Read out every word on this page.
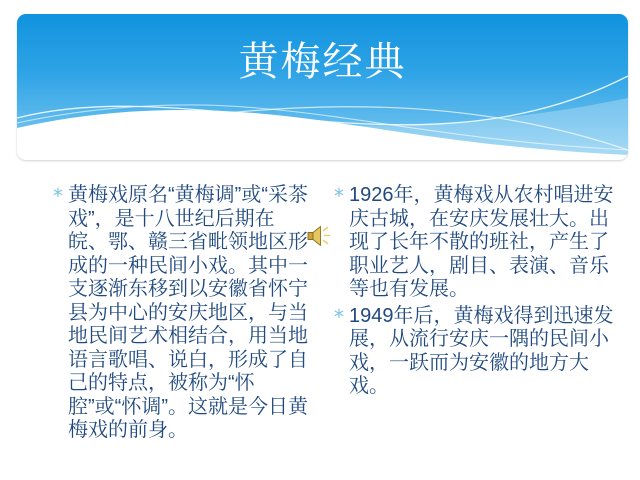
黄梅经典
* 黄梅戏原名“黄梅调”或“采茶戏”，是十八世纪后期在皖、鄂、赣三省毗领地区形成的一种民间小戏。其中一支逐渐东移到以安徽省怀宁县为中心的安庆地区，与当地民间艺术相结合，用当地语言歌唱、说白，形成了自己的特点，被称为“怀腔”或“怀调”。这就是今日黄梅戏的前身。
* 1926年，黄梅戏从农村唱进安庆古城，在安庆发展壮大。出现了长年不散的班社，产生了职业艺人，剧目、表演、音乐等也有发展。
* 1949年后，黄梅戏得到迅速发展，从流行安庆一隅的民间小戏，一跃而为安徽的地方大戏。
